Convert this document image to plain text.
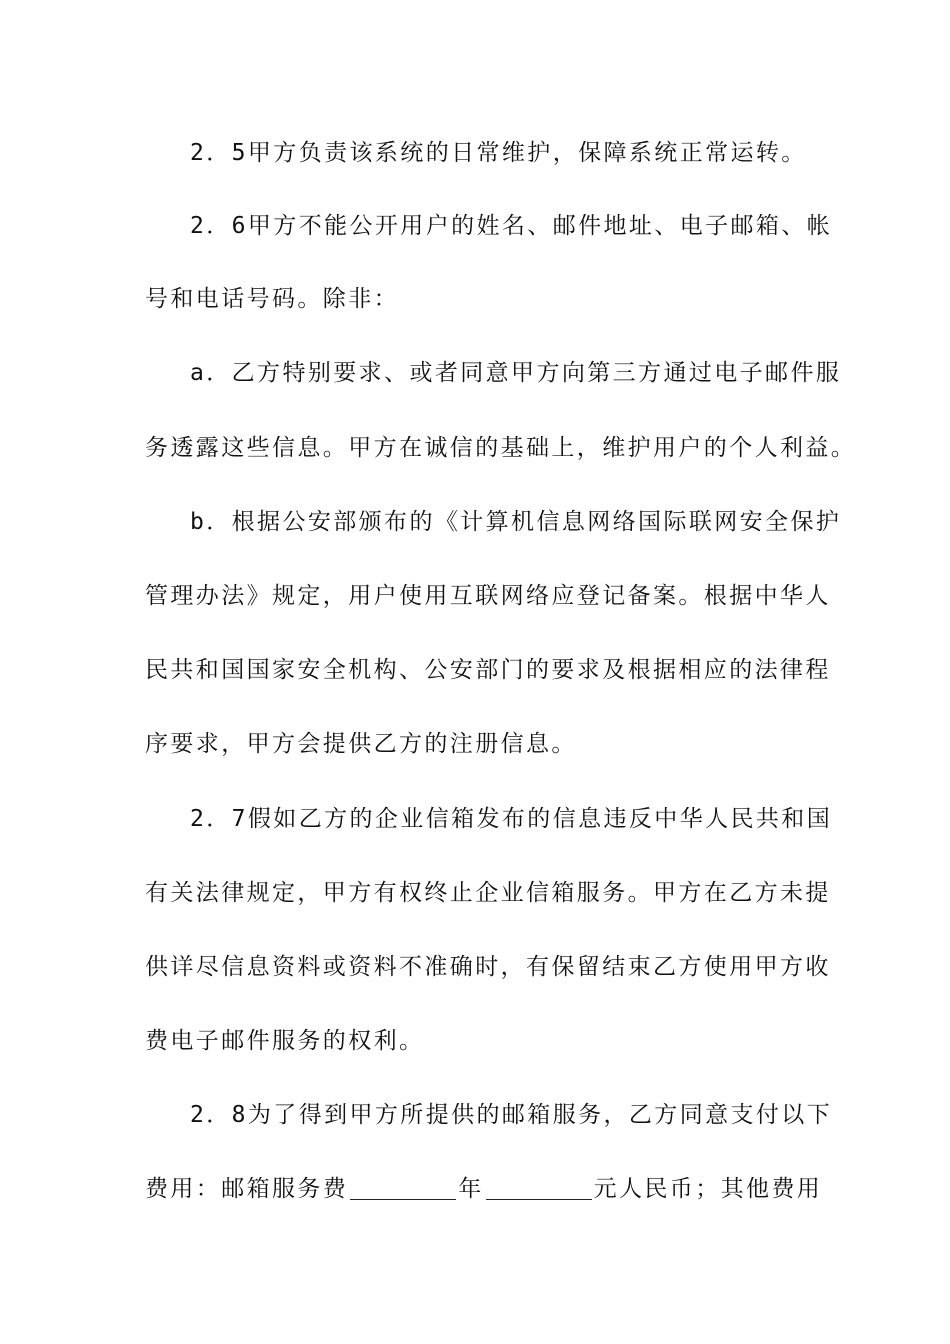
2．5甲方负责该系统的日常维护，保障系统正常运转。
2．6甲方不能公开用户的姓名、邮件地址、电子邮箱、帐
号和电话号码。除非：
a．乙方特别要求、或者同意甲方向第三方通过电子邮件服
务透露这些信息。甲方在诚信的基础上，维护用户的个人利益。
b．根据公安部颁布的《计算机信息网络国际联网安全保护
管理办法》规定，用户使用互联网络应登记备案。根据中华人
民共和国国家安全机构、公安部门的要求及根据相应的法律程
序要求，甲方会提供乙方的注册信息。
2．7假如乙方的企业信箱发布的信息违反中华人民共和国
有关法律规定，甲方有权终止企业信箱服务。甲方在乙方未提
供详尽信息资料或资料不准确时，有保留结束乙方使用甲方收
费电子邮件服务的权利。
2．8为了得到甲方所提供的邮箱服务，乙方同意支付以下
费用：邮箱服务费	年	元人民币；其他费用
